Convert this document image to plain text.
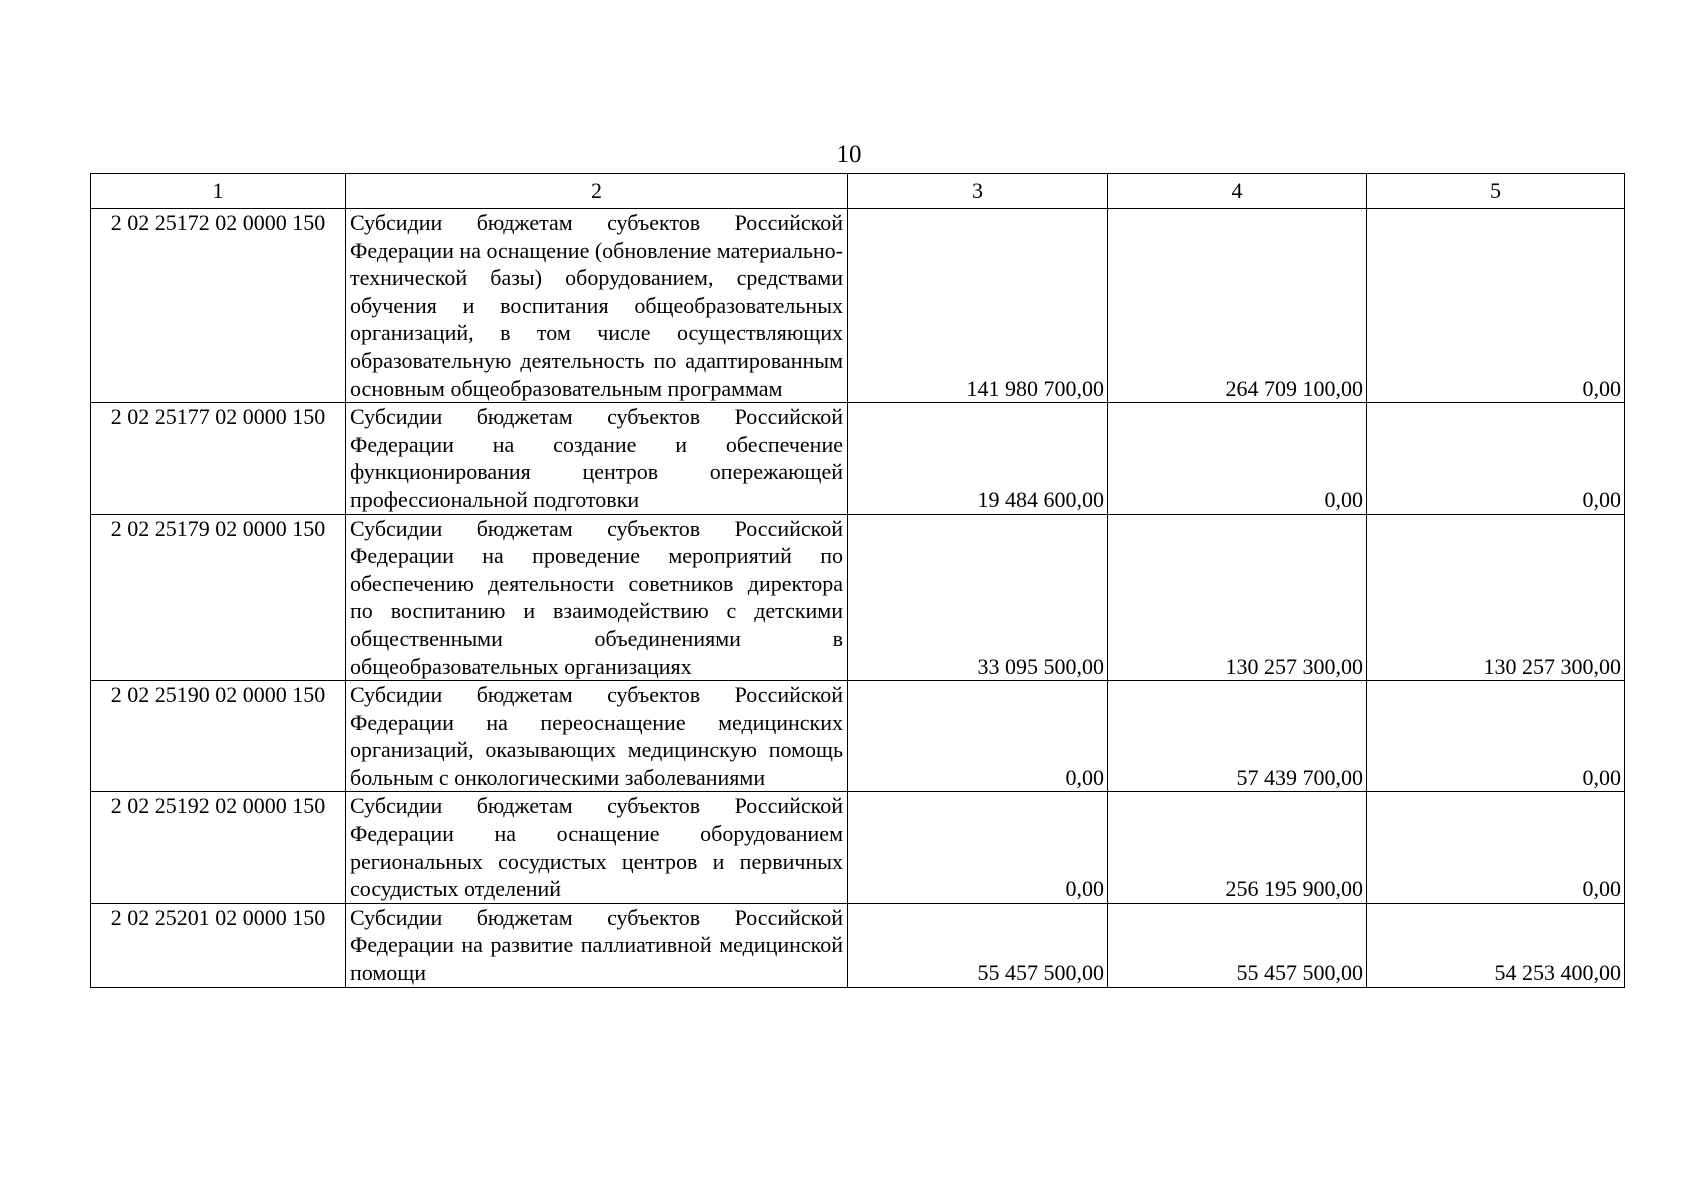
10
1	2	3	4	5
2 02 25172 02 0000 150	Субсидии бюджетам субъектов Российской Федерации на оснащение (обновление материально-технической базы) оборудованием, средствами обучения и воспитания общеобразовательных организаций, в том числе осуществляющих образовательную деятельность по адаптированным основным общеобразовательным программам	141 980 700,00	264 709 100,00	0,00
2 02 25177 02 0000 150	Субсидии бюджетам субъектов Российской Федерации на создание и обеспечение функционирования центров опережающей профессиональной подготовки	19 484 600,00	0,00	0,00
2 02 25179 02 0000 150	Субсидии бюджетам субъектов Российской Федерации на проведение мероприятий по обеспечению деятельности советников директора по воспитанию и взаимодействию с детскими общественными объединениями в общеобразовательных организациях	33 095 500,00	130 257 300,00	130 257 300,00
2 02 25190 02 0000 150	Субсидии бюджетам субъектов Российской Федерации на переоснащение медицинских организаций, оказывающих медицинскую помощь больным с онкологическими заболеваниями	0,00	57 439 700,00	0,00
2 02 25192 02 0000 150	Субсидии бюджетам субъектов Российской Федерации на оснащение оборудованием региональных сосудистых центров и первичных сосудистых отделений	0,00	256 195 900,00	0,00
2 02 25201 02 0000 150	Субсидии бюджетам субъектов Российской Федерации на развитие паллиативной медицинской помощи	55 457 500,00	55 457 500,00	54 253 400,00
